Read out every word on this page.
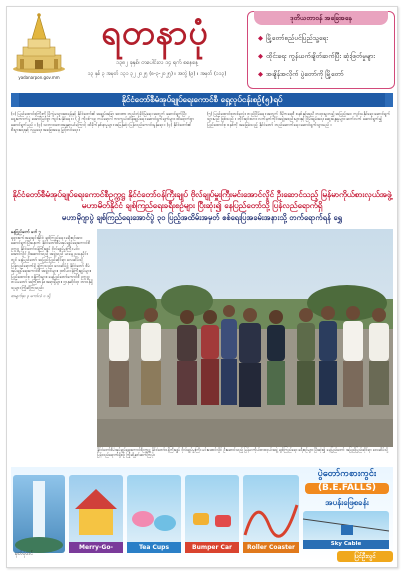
yadanarpon.gov.mm
ရတနာပုံ
၁၃၈၂ ခုနှစ်၊ တပေါင်းလ ၁၄ ရက် စနေနေ့
၁၃ နှစ် ၃ အမှတ် ၁၃၁ ၃၂ ၂၀၂၅ (၈-၃-၂၀၂၅) ။ အတွဲ (၉) ။ အမှတ် (၁၁၃)
ဒုတိယတာဝန် အခြေအနေ
◆ မြို့တော်စည်ပင်ပြည်သူ့ရေး
◆ ထိုင်းရေး ကွန်ယက်ချိတ်ဆက်ပြီး ဆုံးဖြတ်မှုများ
◆ အချိန်အလိုက် ပွဲတော်ကို မြို့တော်
နိုင်ငံတော်စီမံအုပ်ချုပ်ရေးကောင်စီ ရှေ့လုပ်ငန်းစဉ်(၅)ရပ်

(၁) ပြည်ထောင်စုကြီးကို ပြိုကွဲမသွားစေရန်နှင့် နိုင်ငံတော်၏ အချုပ်အခြာ အာဏာ တည်တံ့ခိုင်မြဲရေး အတွက် ဆောင်ရွက်ပြီး ရွေးကောက်ပွဲ အောင်မြင်စွာ ကျင်းပနိုင်ရေး ။ (၂) ကိုဗစ်-၁၉ ကပ်ရောဂါ ကာကွယ်ထိန်းချုပ်ရေး ဆောင်ရွက်ချက်များ ထိရောက်စွာ ဆောင်ရွက်မည် ။ (၃) သဘာဝဘေးအန္တရာယ်ကြောင့် ထိခိုက်နစ်နာမှုများ အမြန်ဆုံး ပြန်လည်ကောင်းမွန်ရေး ။ (၄) နိုင်ငံတော်၏ စီးပွားရေးနှင့် လူမှုရေး အခြေအနေ မြှင့်တင်ရေး ။

(၅) ပြည်ထောင်စုတစ်ခုလုံး တည်ငြိမ်ရေး အတွက် ဒီမိုကရေစီ စနစ်နှင့်အညီ တရားမျှတ၍ အပြည့်အဝ ကျင်းပနိုင်ရေး ဆောင်ရွက်သွားမည် ဖြစ်သည် ။ တိုင်းရင်းသား လက်နက်ကိုင်အဖွဲ့အစည်းများနှင့် ငြိမ်းချမ်းရေး ဆွေးနွေးမှုများ ဆက်လက် ဆောင်ရွက်၍ ပြည်ထောင်စု စနစ်ကို အခြေခံသည့် နိုင်ငံတော် တည်ဆောက်ရေး ဆောင်ရွက်သွားမည် ။

နိုင်ငံတော်စီမံအုပ်ချုပ်ရေးကောင်စီဥက္ကဋ္ဌ နိုင်ငံတော်ဝန်ကြီးချုပ် ဗိုလ်ချုပ်မှူးကြီးမင်းအောင်လှိုင် ဦးဆောင်သည့် မြန်မာကိုယ်စားလှယ်အဖွဲ့
မဟာမိတ်နိုင်ငံ ချစ်ကြည်ရေးခရီးစဉ်များ ပြီးဆုံး၍ နေပြည်တော်သို့ ပြန်လည်ရောက်ရှိ
မဟာမိုဂျာပွဲ ချစ်ကြည်ရေးအောင်ပွဲ ၃၀ ပြည့်အထိမ်းအမှတ် စစ်ရေးပြအခမ်းအနားသို့ တက်ရောက်ရန် ရွှေ
နေပြည်တော် မတ် ၇
ရုရှားဖက်ဒရေးရှင်းနိုင်ငံ ချစ်ကြည်ရေး ခရီးစဉ်အား ဆောင်ရွက်ပြီးနောက် နိုင်ငံတော်စီမံအုပ်ချုပ်ရေးကောင်စီ ဥက္ကဋ္ဌ နိုင်ငံတော်ဝန်ကြီးချုပ် ဗိုလ်ချုပ်မှူးကြီး မင်းအောင်လှိုင် ဦးဆောင်သည့် အဖွဲ့သည် ယနေ့ ညနေပိုင်းတွင် နေပြည်တော် အပြည်ပြည်ဆိုင်ရာ လေဆိပ်သို့ ပြန်လည်ရောက်ရှိ ခဲ့ကြသည်။ လေဆိပ်၌ နိုင်ငံတော် စီမံအုပ်ချုပ်ရေးကောင်စီ အဖွဲ့ဝင်များ၊ ဒုတိယဝန်ကြီးချုပ်များ၊ ပြည်ထောင်စု ဝန်ကြီးများ၊ နေပြည်တော်ကောင်စီ ဥက္ကဋ္ဌ၊ တပ်မတော် အကြီးတန်း အရာရှိများ၊ ဌာနဆိုင်ရာ တာဝန်ရှိသူများ ကြိုဆိုကြသည်။
စာမျက်နှာ ၃ ကော်လံ ၁ သို့
နိုင်ငံတော်စီမံအုပ်ချုပ်ရေးကောင်စီဥက္ကဋ္ဌ နိုင်ငံတော်ဝန်ကြီးချုပ် ဗိုလ်ချုပ်မှူးကြီး မင်းအောင်လှိုင် ဦးဆောင်သည့် မြန်မာကိုယ်စားလှယ်အဖွဲ့ ချစ်ကြည်ရေး ခရီးစဉ်များ ပြီးဆုံး၍ နေပြည်တော် အပြည်ပြည်ဆိုင်ရာ လေဆိပ်သို့ ပြန်လည်ရောက်ရှိစဉ် ကြိုဆိုနှုတ်ဆက်ကြပုံ။
Merry-Go-Round
Tea Cups	Bumper Car	Roller Coaster
ပွဲတော်ကစားကွင်း
(B.E.FALLS)
အပန်းဖြေစခန်း
Sky Cable
ပြင်ဦးလွင်
မှတ်ပုံတင်
